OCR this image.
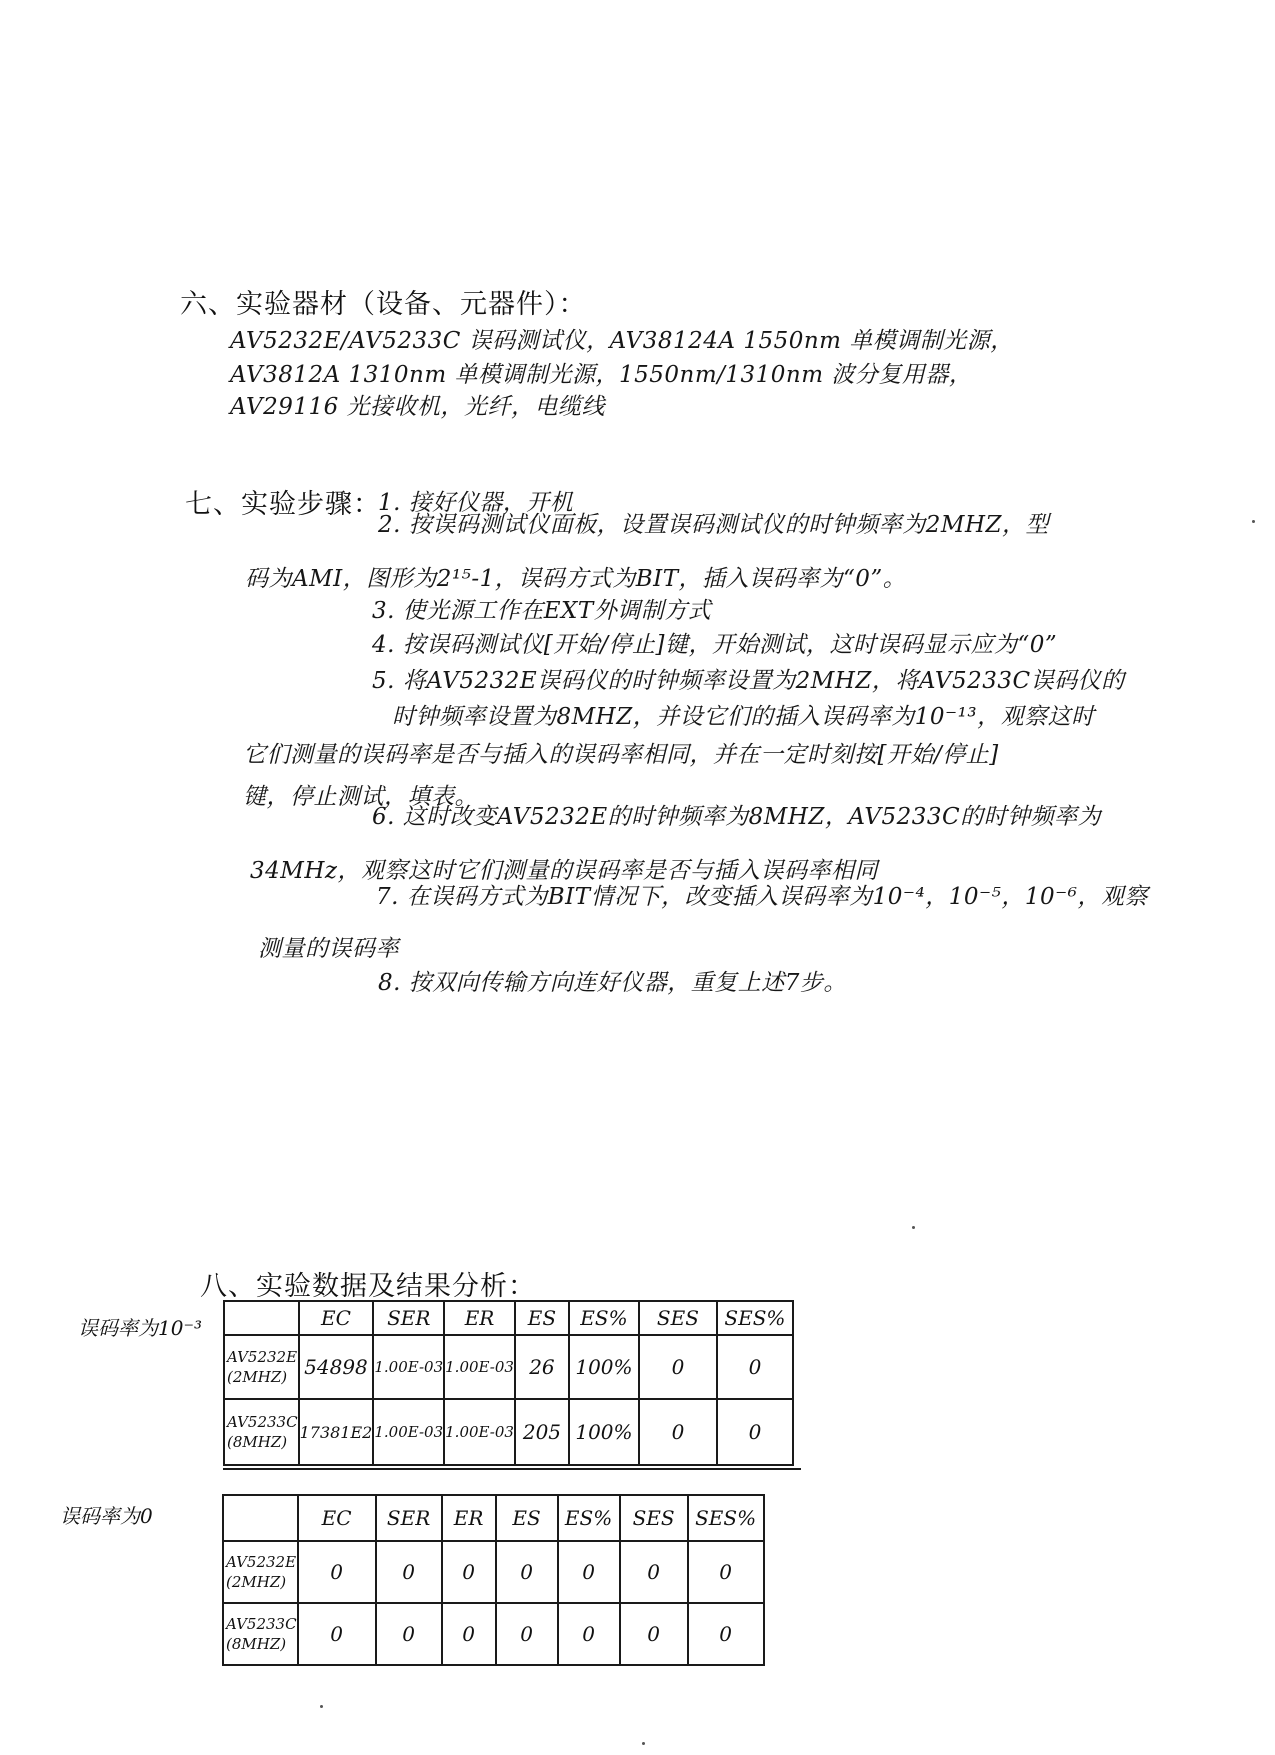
六、实验器材（设备、元器件）：
AV5232E/AV5233C 误码测试仪，AV38124A 1550nm 单模调制光源，
AV3812A 1310nm 单模调制光源，1550nm/1310nm 波分复用器，
AV29116 光接收机，光纤，电缆线
七、实验步骤：
1. 接好仪器，开机
2. 按误码测试仪面板，设置误码测试仪的时钟频率为2MHZ，型
码为AMI，图形为2¹⁵-1，误码方式为BIT，插入误码率为“0”。
3. 使光源工作在EXT外调制方式
4. 按误码测试仪[开始/停止]键，开始测试，这时误码显示应为“0”
5. 将AV5232E误码仪的时钟频率设置为2MHZ，将AV5233C误码仪的
时钟频率设置为8MHZ，并设它们的插入误码率为10⁻¹³，观察这时
它们测量的误码率是否与插入的误码率相同，并在一定时刻按[开始/停止]
键，停止测试，填表。
6. 这时改变AV5232E的时钟频率为8MHZ，AV5233C的时钟频率为
34MHz，观察这时它们测量的误码率是否与插入误码率相同
7. 在误码方式为BIT情况下，改变插入误码率为10⁻⁴，10⁻⁵，10⁻⁶，观察
测量的误码率
8. 按双向传输方向连好仪器，重复上述7步。
八、实验数据及结果分析：
误码率为10⁻³
		EC	SER	ER	ES	ES%	SES	SES%
AV5232E
(2MHZ)	54898	1.00E-03	1.00E-03	26	100%	0	0
AV5233C
(8MHZ)	17381E2	1.00E-03	1.00E-03	205	100%	0	0
误码率为0
		EC	SER	ER	ES	ES%	SES	SES%
AV5232E
(2MHZ)	0	0	0	0	0	0	0
AV5233C
(8MHZ)	0	0	0	0	0	0	0
